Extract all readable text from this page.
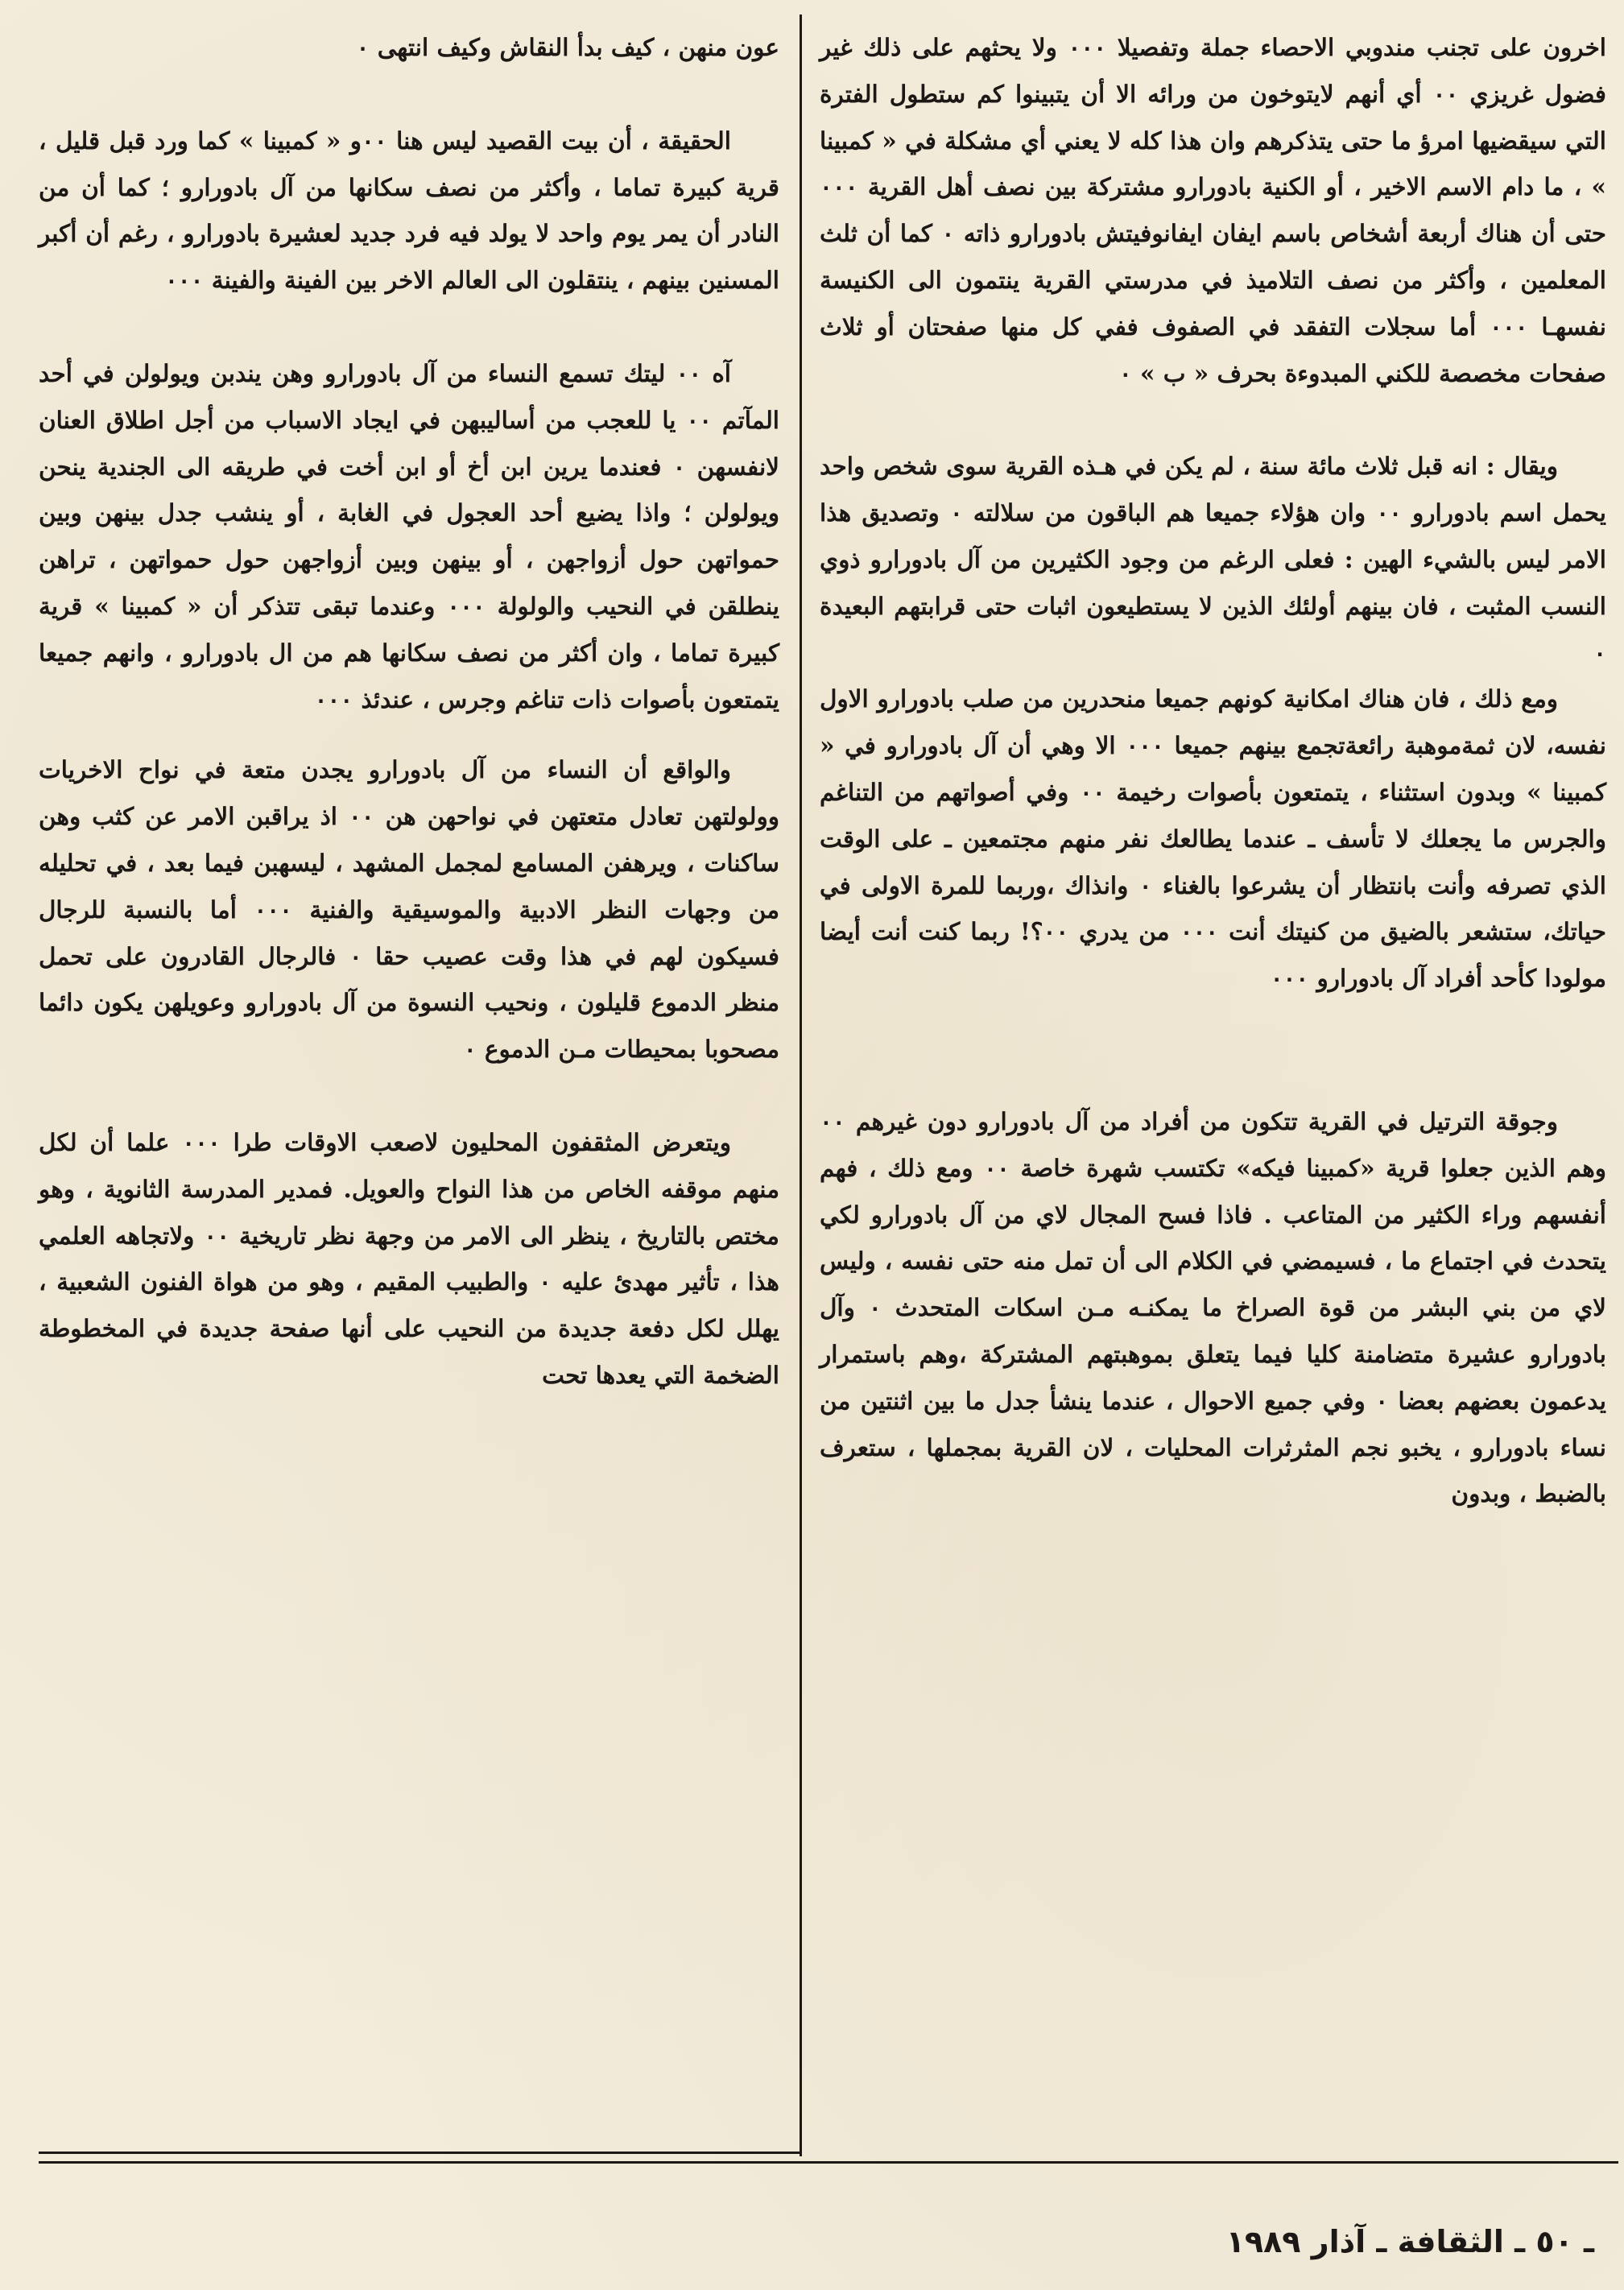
اخرون على تجنب مندوبي الاحصاء جملة وتفصيلا ٠٠٠ ولا يحثهم على ذلك غير فضول غريزي ٠٠ أي أنهم لايتوخون من ورائه الا أن يتبينوا كم ستطول الفترة التي سيقضيها امرؤ ما حتى يتذكرهم وان هذا كله لا يعني أي مشكلة في « كمبينا » ، ما دام الاسم الاخير ، أو الكنية بادورارو مشتركة بين نصف أهل القرية ٠٠٠ حتى أن هناك أربعة أشخاص باسم ايفان ايفانوفيتش بادورارو ذاته ٠ كما أن ثلث المعلمين ، وأكثر من نصف التلاميذ في مدرستي القرية ينتمون الى الكنيسة نفسهـا ٠٠٠ أما سجلات التفقد في الصفوف ففي كل منها صفحتان أو ثلاث صفحات مخصصة للكني المبدوءة بحرف « ب » ٠

ويقال : انه قبل ثلاث مائة سنة ، لم يكن في هـذه القرية سوى شخص واحد يحمل اسم بادورارو ٠٠ وان هؤلاء جميعا هم الباقون من سلالته ٠ وتصديق هذا الامر ليس بالشيء الهين : فعلى الرغم من وجود الكثيرين من آل بادورارو ذوي النسب المثبت ، فان بينهم أولئك الذين لا يستطيعون اثبات حتى قرابتهم البعيدة ٠

ومع ذلك ، فان هناك امكانية كونهم جميعا منحدرين من صلب بادورارو الاول نفسه، لان ثمةموهبة رائعةتجمع بينهم جميعا ٠٠٠ الا وهي أن آل بادورارو في « كمبينا » وبدون استثناء ، يتمتعون بأصوات رخيمة ٠٠ وفي أصواتهم من التناغم والجرس ما يجعلك لا تأسف ـ عندما يطالعك نفر منهم مجتمعين ـ على الوقت الذي تصرفه وأنت بانتظار أن يشرعوا بالغناء ٠ وانذاك ،وربما للمرة الاولى في حياتك، ستشعر بالضيق من كنيتك أنت ٠٠٠ من يدري ٠٠؟! ربما كنت أنت أيضا مولودا كأحد أفراد آل بادورارو ٠٠٠

وجوقة الترتيل في القرية تتكون من أفراد من آل بادورارو دون غيرهم ٠٠ وهم الذين جعلوا قرية «كمبينا فيكه» تكتسب شهرة خاصة ٠٠ ومع ذلك ، فهم أنفسهم وراء الكثير من المتاعب . فاذا فسح المجال لاي من آل بادورارو لكي يتحدث في اجتماع ما ، فسيمضي في الكلام الى أن تمل منه حتى نفسه ، وليس لاي من بني البشر من قوة الصراخ ما يمكنـه مـن اسكات المتحدث ٠ وآل بادورارو عشيرة متضامنة كليا فيما يتعلق بموهبتهم المشتركة ،وهم باستمرار يدعمون بعضهم بعضا ٠ وفي جميع الاحوال ، عندما ينشأ جدل ما بين اثنتين من نساء بادورارو ، يخبو نجم المثرثرات المحليات ، لان القرية بمجملها ، ستعرف بالضبط ، وبدون

عون منهن ، كيف بدأ النقاش وكيف انتهى ٠

الحقيقة ، أن بيت القصيد ليس هنا ٠٠و « كمبينا » كما ورد قبل قليل ، قرية كبيرة تماما ، وأكثر من نصف سكانها من آل بادورارو ؛ كما أن من النادر أن يمر يوم واحد لا يولد فيه فرد جديد لعشيرة بادورارو ، رغم أن أكبر المسنين بينهم ، ينتقلون الى العالم الاخر بين الفينة والفينة ٠٠٠

آه ٠٠ ليتك تسمع النساء من آل بادورارو وهن يندبن ويولولن في أحد المآتم ٠٠ يا للعجب من أساليبهن في ايجاد الاسباب من أجل اطلاق العنان لانفسهن ٠ فعندما يرين ابن أخ أو ابن أخت في طريقه الى الجندية ينحن ويولولن ؛ واذا يضيع أحد العجول في الغابة ، أو ينشب جدل بينهن وبين حمواتهن حول أزواجهن ، أو بينهن وبين أزواجهن حول حمواتهن ، تراهن ينطلقن في النحيب والولولة ٠٠٠ وعندما تبقى تتذكر أن « كمبينا » قرية كبيرة تماما ، وان أكثر من نصف سكانها هم من ال بادورارو ، وانهم جميعا يتمتعون بأصوات ذات تناغم وجرس ، عندئذ ٠٠٠

والواقع أن النساء من آل بادورارو يجدن متعة في نواح الاخريات وولولتهن تعادل متعتهن في نواحهن هن ٠٠ اذ يراقبن الامر عن كثب وهن ساكنات ، ويرهفن المسامع لمجمل المشهد ، ليسهبن فيما بعد ، في تحليله من وجهات النظر الادبية والموسيقية والفنية ٠٠٠ أما بالنسبة للرجال فسيكون لهم في هذا وقت عصيب حقا ٠ فالرجال القادرون على تحمل منظر الدموع قليلون ، ونحيب النسوة من آل بادورارو وعويلهن يكون دائما مصحوبا بمحيطات مـن الدموع ٠

ويتعرض المثقفون المحليون لاصعب الاوقات طرا ٠٠٠ علما أن لكل منهم موقفه الخاص من هذا النواح والعويل. فمدير المدرسة الثانوية ، وهو مختص بالتاريخ ، ينظر الى الامر من وجهة نظر تاريخية ٠٠ ولاتجاهه العلمي هذا ، تأثير مهدئ عليه ٠ والطبيب المقيم ، وهو من هواة الفنون الشعبية ، يهلل لكل دفعة جديدة من النحيب على أنها صفحة جديدة في المخطوطة الضخمة التي يعدها تحت

ـ ٥٠ ـ الثقافة ـ آذار ١٩٨٩
